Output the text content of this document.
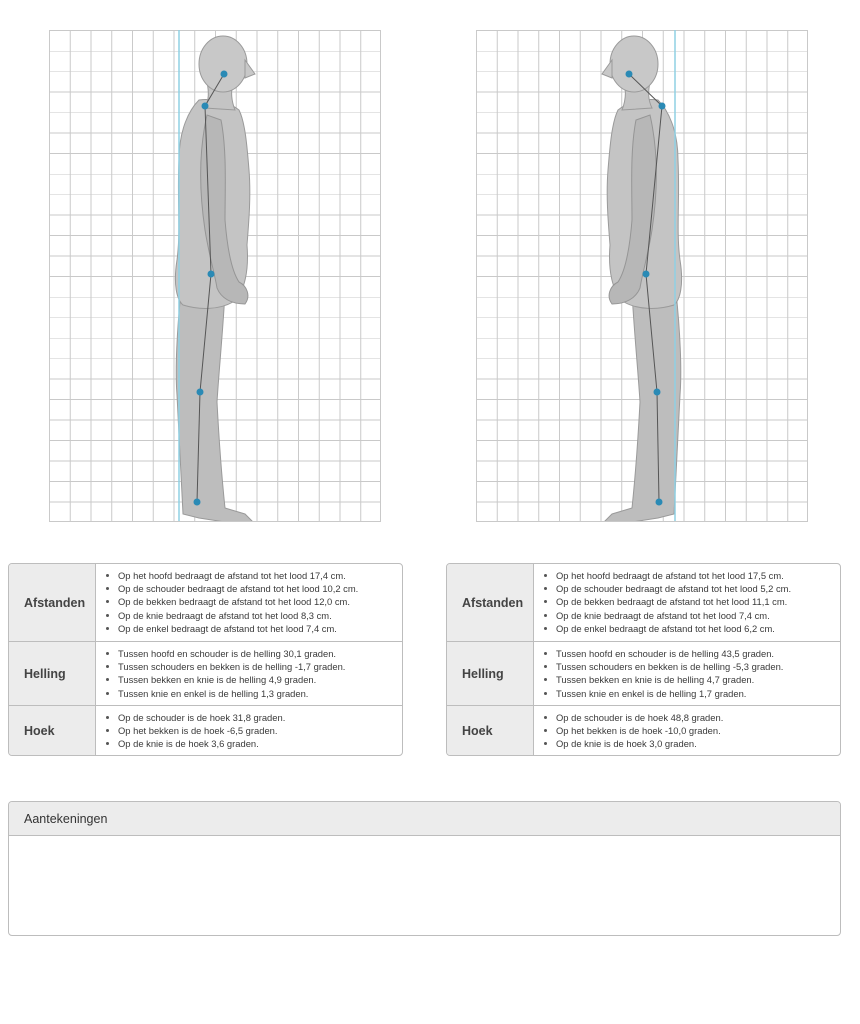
Afstanden
Op het hoofd bedraagt de afstand tot het lood 17,4 cm.
Op de schouder bedraagt de afstand tot het lood 10,2 cm.
Op de bekken bedraagt de afstand tot het lood 12,0 cm.
Op de knie bedraagt de afstand tot het lood 8,3 cm.
Op de enkel bedraagt de afstand tot het lood 7,4 cm.
Helling
Tussen hoofd en schouder is de helling 30,1 graden.
Tussen schouders en bekken is de helling -1,7 graden.
Tussen bekken en knie is de helling 4,9 graden.
Tussen knie en enkel is de helling 1,3 graden.
Hoek
Op de schouder is de hoek 31,8 graden.
Op het bekken is de hoek -6,5 graden.
Op de knie is de hoek 3,6 graden.
Afstanden
Op het hoofd bedraagt de afstand tot het lood 17,5 cm.
Op de schouder bedraagt de afstand tot het lood 5,2 cm.
Op de bekken bedraagt de afstand tot het lood 11,1 cm.
Op de knie bedraagt de afstand tot het lood 7,4 cm.
Op de enkel bedraagt de afstand tot het lood 6,2 cm.
Helling
Tussen hoofd en schouder is de helling 43,5 graden.
Tussen schouders en bekken is de helling -5,3 graden.
Tussen bekken en knie is de helling 4,7 graden.
Tussen knie en enkel is de helling 1,7 graden.
Hoek
Op de schouder is de hoek 48,8 graden.
Op het bekken is de hoek -10,0 graden.
Op de knie is de hoek 3,0 graden.
Aantekeningen
